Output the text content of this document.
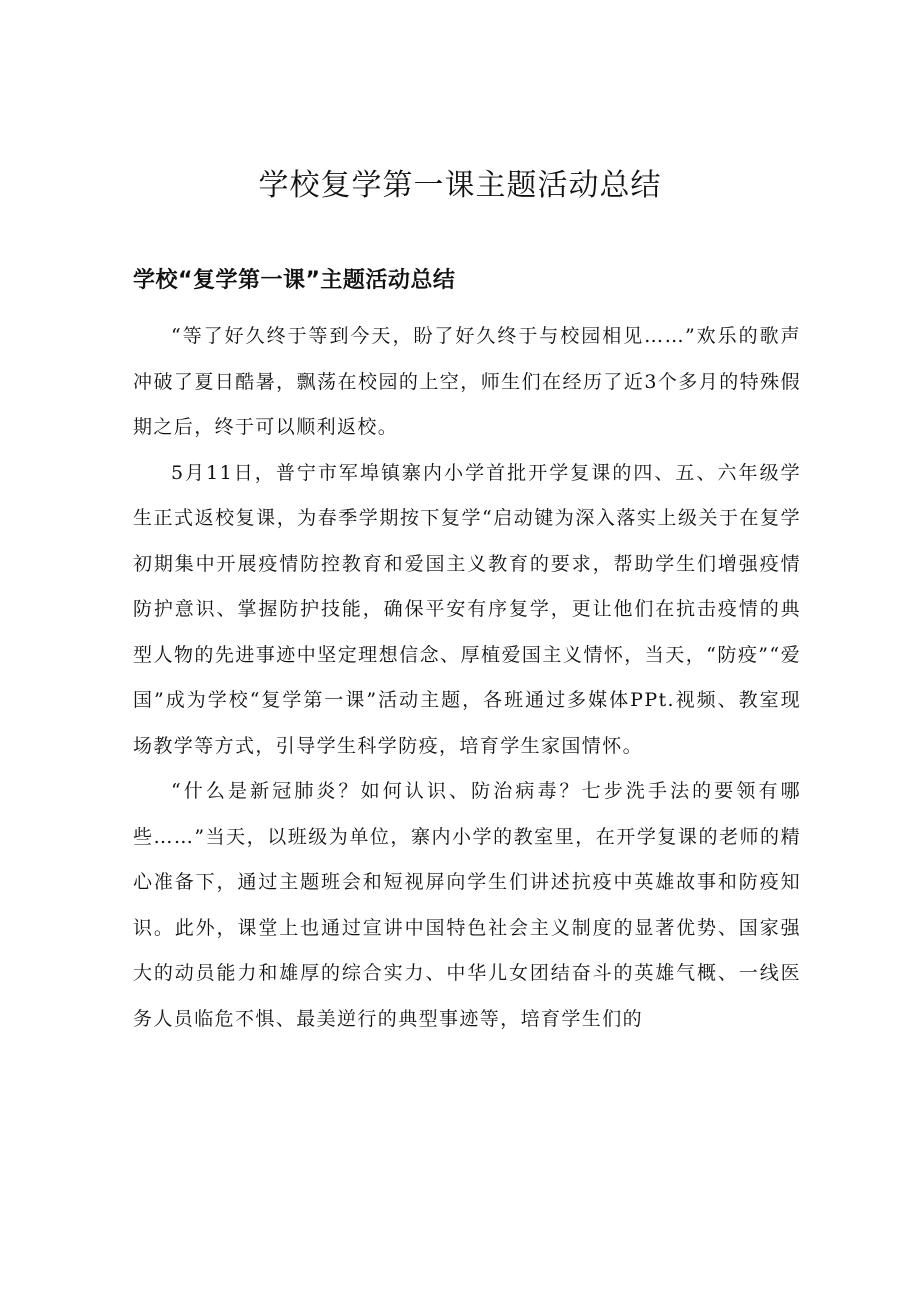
学校复学第一课主题活动总结
学校“复学第一课”主题活动总结

“等了好久终于等到今天，盼了好久终于与校园相见……”欢乐的歌声冲破了夏日酷暑，飘荡在校园的上空，师生们在经历了近3个多月的特殊假期之后，终于可以顺利返校。

5月11日，普宁市军埠镇寨内小学首批开学复课的四、五、六年级学生正式返校复课，为春季学期按下复学“启动键为深入落实上级关于在复学初期集中开展疫情防控教育和爱国主义教育的要求，帮助学生们增强疫情防护意识、掌握防护技能，确保平安有序复学，更让他们在抗击疫情的典型人物的先进事迹中坚定理想信念、厚植爱国主义情怀，当天，“防疫”“爱国”成为学校“复学第一课”活动主题，各班通过多媒体PPt.视频、教室现场教学等方式，引导学生科学防疫，培育学生家国情怀。

“什么是新冠肺炎？如何认识、防治病毒？七步洗手法的要领有哪些……”当天，以班级为单位，寨内小学的教室里，在开学复课的老师的精心准备下，通过主题班会和短视屏向学生们讲述抗疫中英雄故事和防疫知识。此外，课堂上也通过宣讲中国特色社会主义制度的显著优势、国家强大的动员能力和雄厚的综合实力、中华儿女团结奋斗的英雄气概、一线医务人员临危不惧、最美逆行的典型事迹等，培育学生们的
